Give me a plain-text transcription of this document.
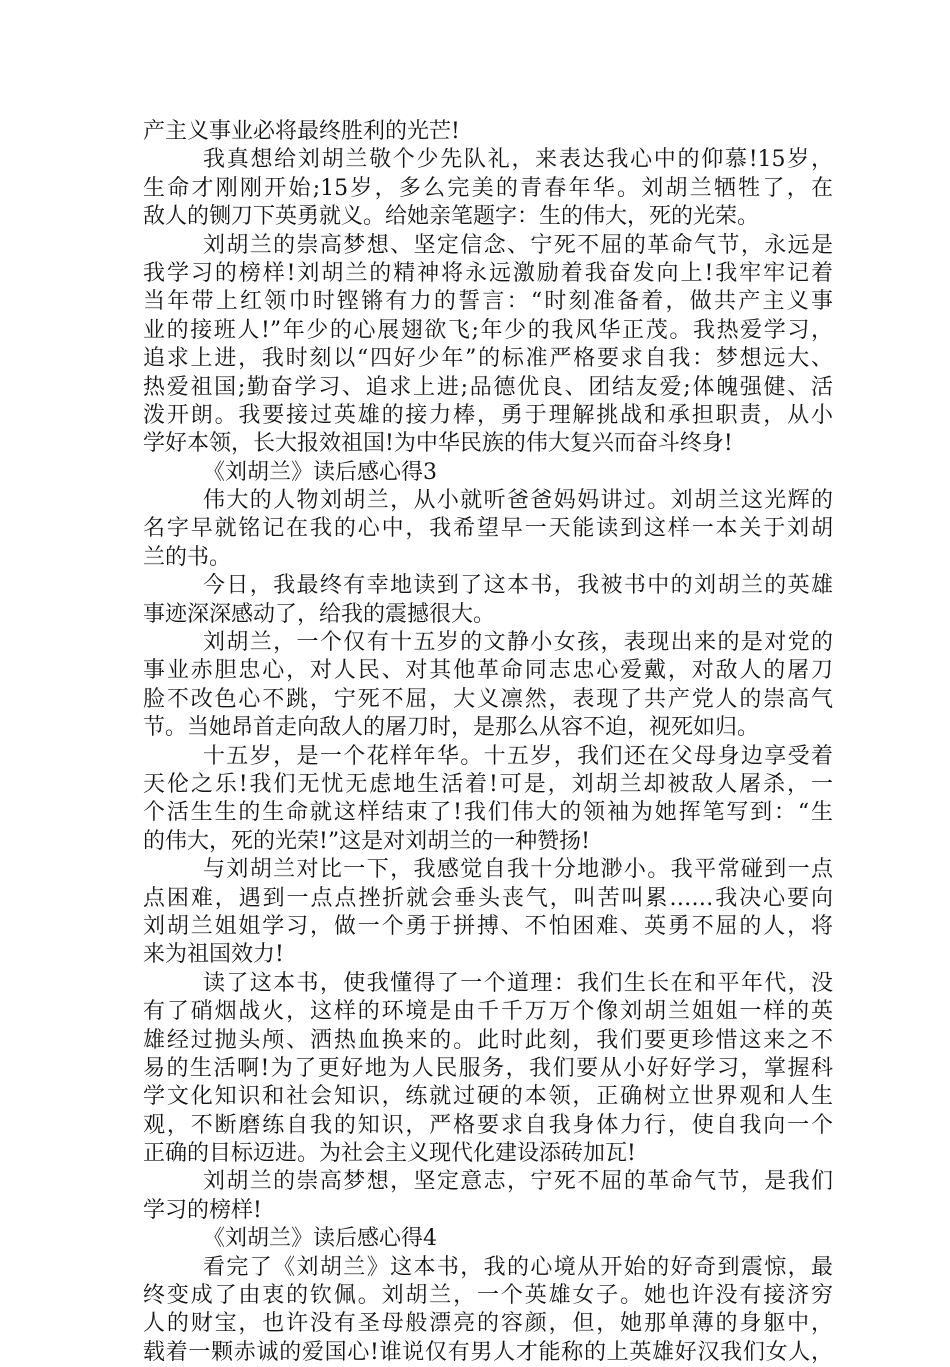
产主义事业必将最终胜利的光芒!
我真想给刘胡兰敬个少先队礼，来表达我心中的仰慕!15岁，
生命才刚刚开始;15岁，多么完美的青春年华。刘胡兰牺牲了，在
敌人的铡刀下英勇就义。给她亲笔题字：生的伟大，死的光荣。
刘胡兰的崇高梦想、坚定信念、宁死不屈的革命气节，永远是
我学习的榜样!刘胡兰的精神将永远激励着我奋发向上!我牢牢记着
当年带上红领巾时铿锵有力的誓言：“时刻准备着，做共产主义事
业的接班人!”年少的心展翅欲飞;年少的我风华正茂。我热爱学习，
追求上进，我时刻以“四好少年”的标准严格要求自我：梦想远大、
热爱祖国;勤奋学习、追求上进;品德优良、团结友爱;体魄强健、活
泼开朗。我要接过英雄的接力棒，勇于理解挑战和承担职责，从小
学好本领，长大报效祖国!为中华民族的伟大复兴而奋斗终身!
《刘胡兰》读后感心得3
伟大的人物刘胡兰，从小就听爸爸妈妈讲过。刘胡兰这光辉的
名字早就铭记在我的心中，我希望早一天能读到这样一本关于刘胡
兰的书。
今日，我最终有幸地读到了这本书，我被书中的刘胡兰的英雄
事迹深深感动了，给我的震撼很大。
刘胡兰，一个仅有十五岁的文静小女孩，表现出来的是对党的
事业赤胆忠心，对人民、对其他革命同志忠心爱戴，对敌人的屠刀
脸不改色心不跳，宁死不屈，大义凛然，表现了共产党人的崇高气
节。当她昂首走向敌人的屠刀时，是那么从容不迫，视死如归。
十五岁，是一个花样年华。十五岁，我们还在父母身边享受着
天伦之乐!我们无忧无虑地生活着!可是，刘胡兰却被敌人屠杀，一
个活生生的生命就这样结束了!我们伟大的领袖为她挥笔写到：“生
的伟大，死的光荣!”这是对刘胡兰的一种赞扬!
与刘胡兰对比一下，我感觉自我十分地渺小。我平常碰到一点
点困难，遇到一点点挫折就会垂头丧气，叫苦叫累……我决心要向
刘胡兰姐姐学习，做一个勇于拼搏、不怕困难、英勇不屈的人，将
来为祖国效力!
读了这本书，使我懂得了一个道理：我们生长在和平年代，没
有了硝烟战火，这样的环境是由千千万万个像刘胡兰姐姐一样的英
雄经过抛头颅、洒热血换来的。此时此刻，我们要更珍惜这来之不
易的生活啊!为了更好地为人民服务，我们要从小好好学习，掌握科
学文化知识和社会知识，练就过硬的本领，正确树立世界观和人生
观，不断磨练自我的知识，严格要求自我身体力行，使自我向一个
正确的目标迈进。为社会主义现代化建设添砖加瓦!
刘胡兰的崇高梦想，坚定意志，宁死不屈的革命气节，是我们
学习的榜样!
《刘胡兰》读后感心得4
看完了《刘胡兰》这本书，我的心境从开始的好奇到震惊，最
终变成了由衷的钦佩。刘胡兰，一个英雄女子。她也许没有接济穷
人的财宝，也许没有圣母般漂亮的容颜，但，她那单薄的身躯中，
载着一颗赤诚的爱国心!谁说仅有男人才能称的上英雄好汉我们女人，
